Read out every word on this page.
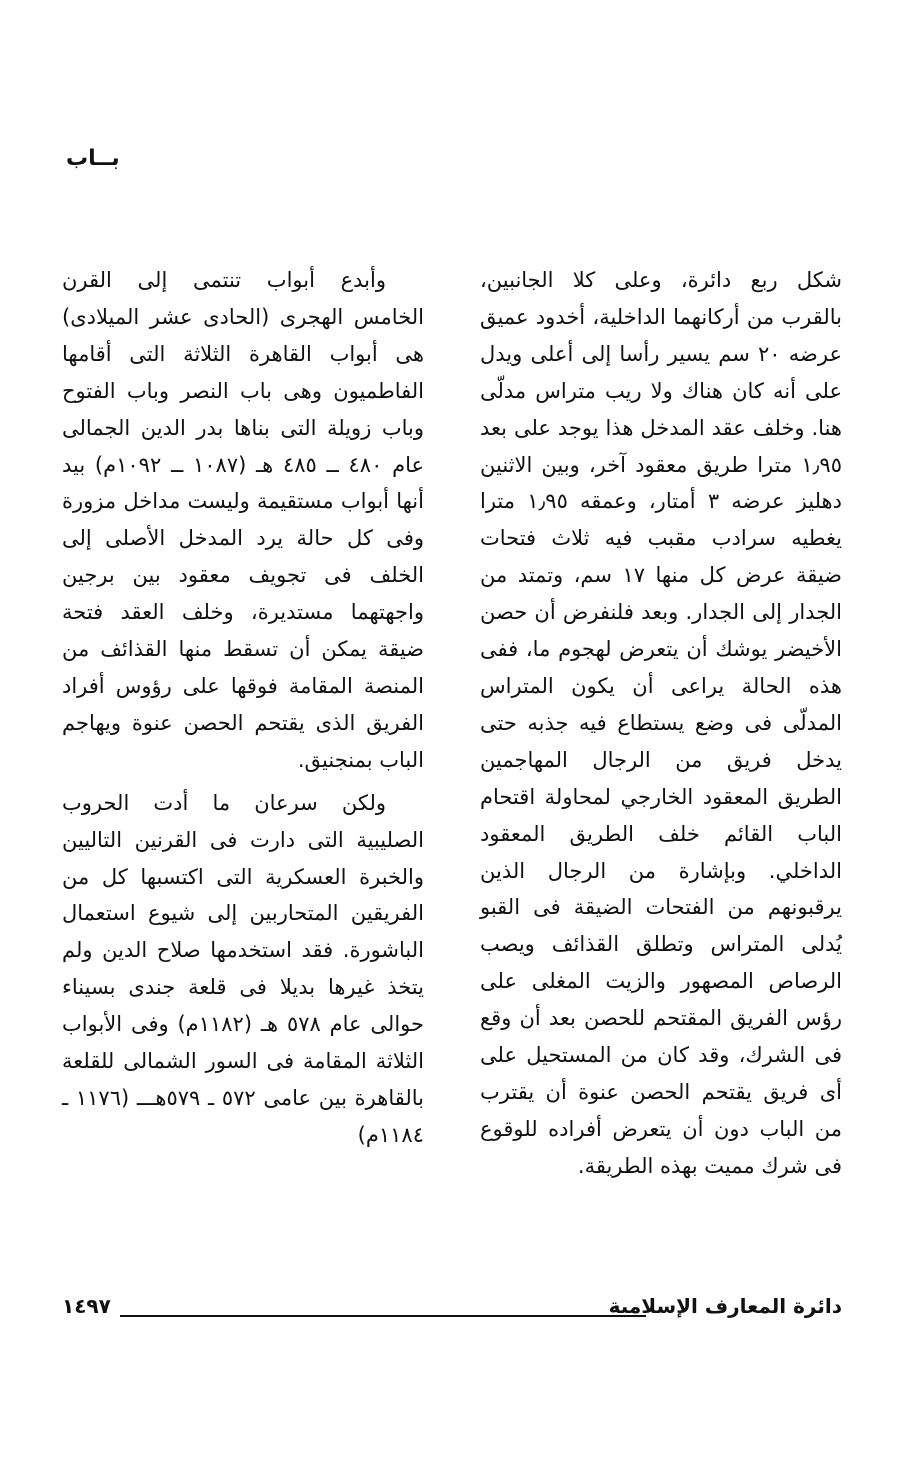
بــاب

شكل ربع دائرة، وعلى كلا الجانبين، بالقرب من أركانهما الداخلية، أخدود عميق عرضه ٢٠ سم يسير رأسا إلى أعلى ويدل على أنه كان هناك ولا ريب متراس مدلّى هنا. وخلف عقد المدخل هذا يوجد على بعد ١٫٩٥ مترا طريق معقود آخر، وبين الاثنين دهليز عرضه ٣ أمتار، وعمقه ١٫٩٥ مترا يغطيه سرادب مقبب فيه ثلاث فتحات ضيقة عرض كل منها ١٧ سم، وتمتد من الجدار إلى الجدار. وبعد فلنفرض أن حصن الأخيضر يوشك أن يتعرض لهجوم ما، ففى هذه الحالة يراعى أن يكون المتراس المدلّى فى وضع يستطاع فيه جذبه حتى يدخل فريق من الرجال المهاجمين الطريق المعقود الخارجي لمحاولة اقتحام الباب القائم خلف الطريق المعقود الداخلي. وبإشارة من الرجال الذين يرقبونهم من الفتحات الضيقة فى القبو يُدلى المتراس وتطلق القذائف ويصب الرصاص المصهور والزيت المغلى على رؤس الفريق المقتحم للحصن بعد أن وقع فى الشرك، وقد كان من المستحيل على أى فريق يقتحم الحصن عنوة أن يقترب من الباب دون أن يتعرض أفراده للوقوع فى شرك مميت بهذه الطريقة.

وأبدع أبواب تنتمى إلى القرن الخامس الهجرى (الحادى عشر الميلادى) هى أبواب القاهرة الثلاثة التى أقامها الفاطميون وهى باب النصر وباب الفتوح وباب زويلة التى بناها بدر الدين الجمالى عام ٤٨٠ ــ ٤٨٥ هـ (١٠٨٧ ــ ١٠٩٢م) بيد أنها أبواب مستقيمة وليست مداخل مزورة وفى كل حالة يرد المدخل الأصلى إلى الخلف فى تجويف معقود بين برجين واجهتهما مستديرة، وخلف العقد فتحة ضيقة يمكن أن تسقط منها القذائف من المنصة المقامة فوقها على رؤوس أفراد الفريق الذى يقتحم الحصن عنوة ويهاجم الباب بمنجنيق.

ولكن سرعان ما أدت الحروب الصليبية التى دارت فى القرنين التاليين والخبرة العسكرية التى اكتسبها كل من الفريقين المتحاربين إلى شيوع استعمال الباشورة. فقد استخدمها صلاح الدين ولم يتخذ غيرها بديلا فى قلعة جندى بسيناء حوالى عام ٥٧٨ هـ (١١٨٢م) وفى الأبواب الثلاثة المقامة فى السور الشمالى للقلعة بالقاهرة بين عامى ٥٧٢ ـ ٥٧٩هـــ (١١٧٦ ـ ١١٨٤م)

١٤٩٧	دائرة المعارف الإسلامية
